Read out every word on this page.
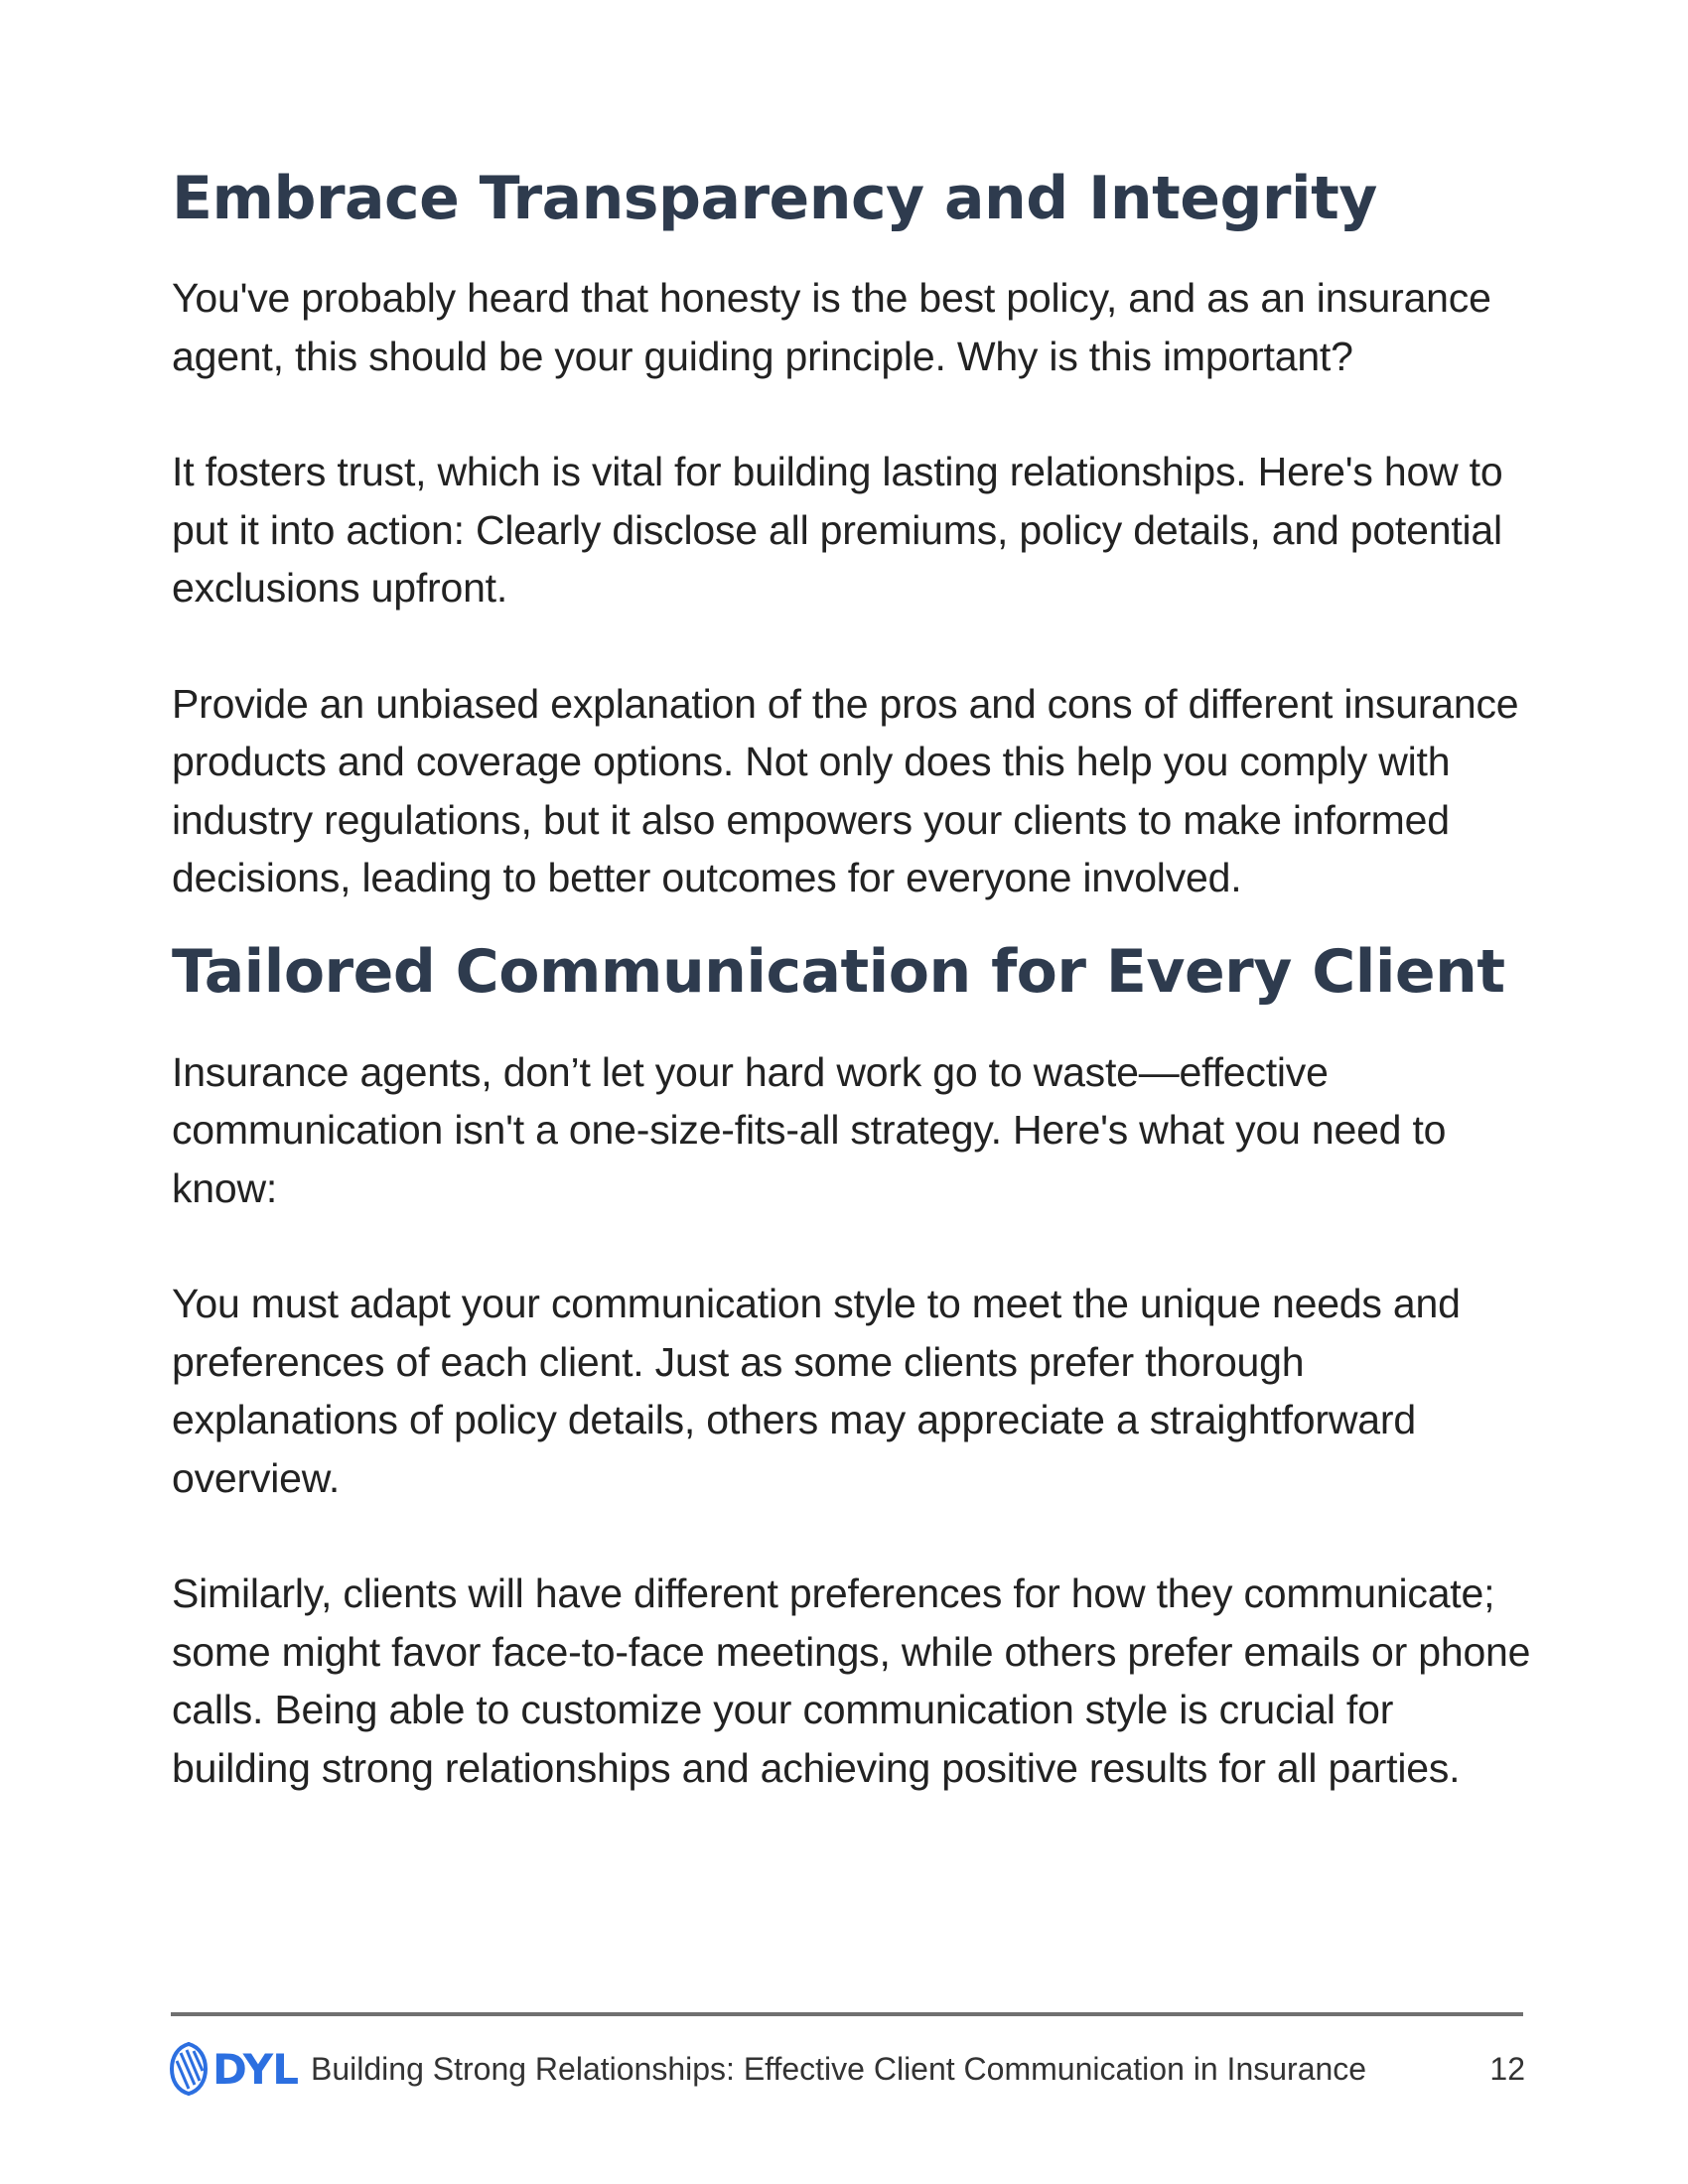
Embrace Transparency and Integrity

You've probably heard that honesty is the best policy, and as an insurance agent, this should be your guiding principle. Why is this important?

It fosters trust, which is vital for building lasting relationships. Here's how to put it into action: Clearly disclose all premiums, policy details, and potential exclusions upfront.

Provide an unbiased explanation of the pros and cons of different insurance products and coverage options. Not only does this help you comply with industry regulations, but it also empowers your clients to make informed decisions, leading to better outcomes for everyone involved.

Tailored Communication for Every Client

Insurance agents, don’t let your hard work go to waste—effective communication isn't a one-size-fits-all strategy. Here's what you need to know:

You must adapt your communication style to meet the unique needs and preferences of each client. Just as some clients prefer thorough explanations of policy details, others may appreciate a straightforward overview.

Similarly, clients will have different preferences for how they communicate; some might favor face-to-face meetings, while others prefer emails or phone calls. Being able to customize your communication style is crucial for building strong relationships and achieving positive results for all parties.

DYL Building Strong Relationships: Effective Client Communication in Insurance	12
